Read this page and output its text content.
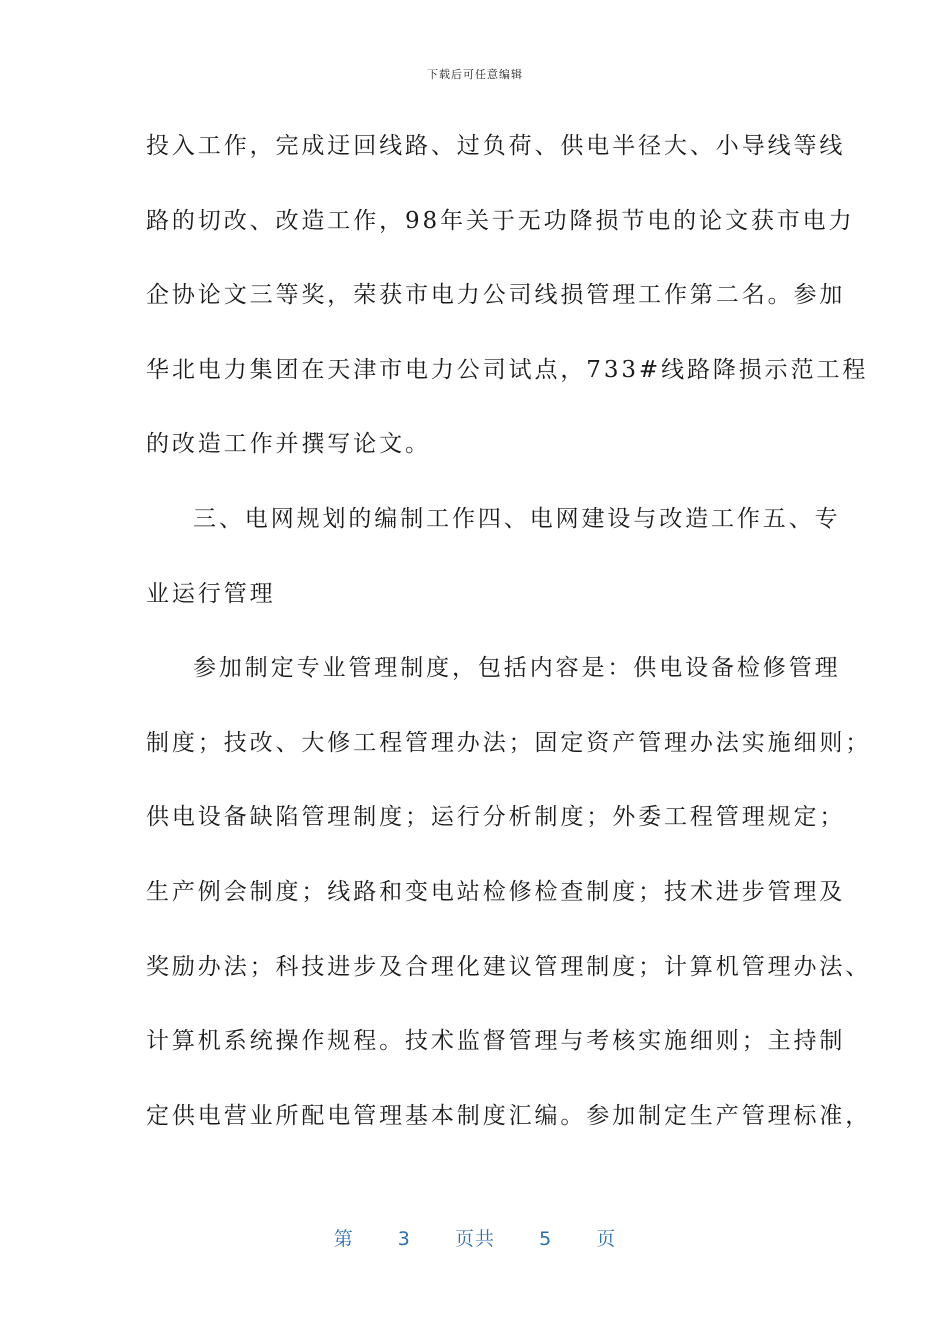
下载后可任意编辑
投入工作，完成迂回线路、过负荷、供电半径大、小导线等线
路的切改、改造工作，98年关于无功降损节电的论文获市电力
企协论文三等奖，荣获市电力公司线损管理工作第二名。参加
华北电力集团在天津市电力公司试点，733#线路降损示范工程
的改造工作并撰写论文。
三、电网规划的编制工作四、电网建设与改造工作五、专
业运行管理
参加制定专业管理制度，包括内容是：供电设备检修管理
制度；技改、大修工程管理办法；固定资产管理办法实施细则；
供电设备缺陷管理制度；运行分析制度；外委工程管理规定；
生产例会制度；线路和变电站检修检查制度；技术进步管理及
奖励办法；科技进步及合理化建议管理制度；计算机管理办法、
计算机系统操作规程。技术监督管理与考核实施细则；主持制
定供电营业所配电管理基本制度汇编。参加制定生产管理标准，
第 3 页共 5 页
